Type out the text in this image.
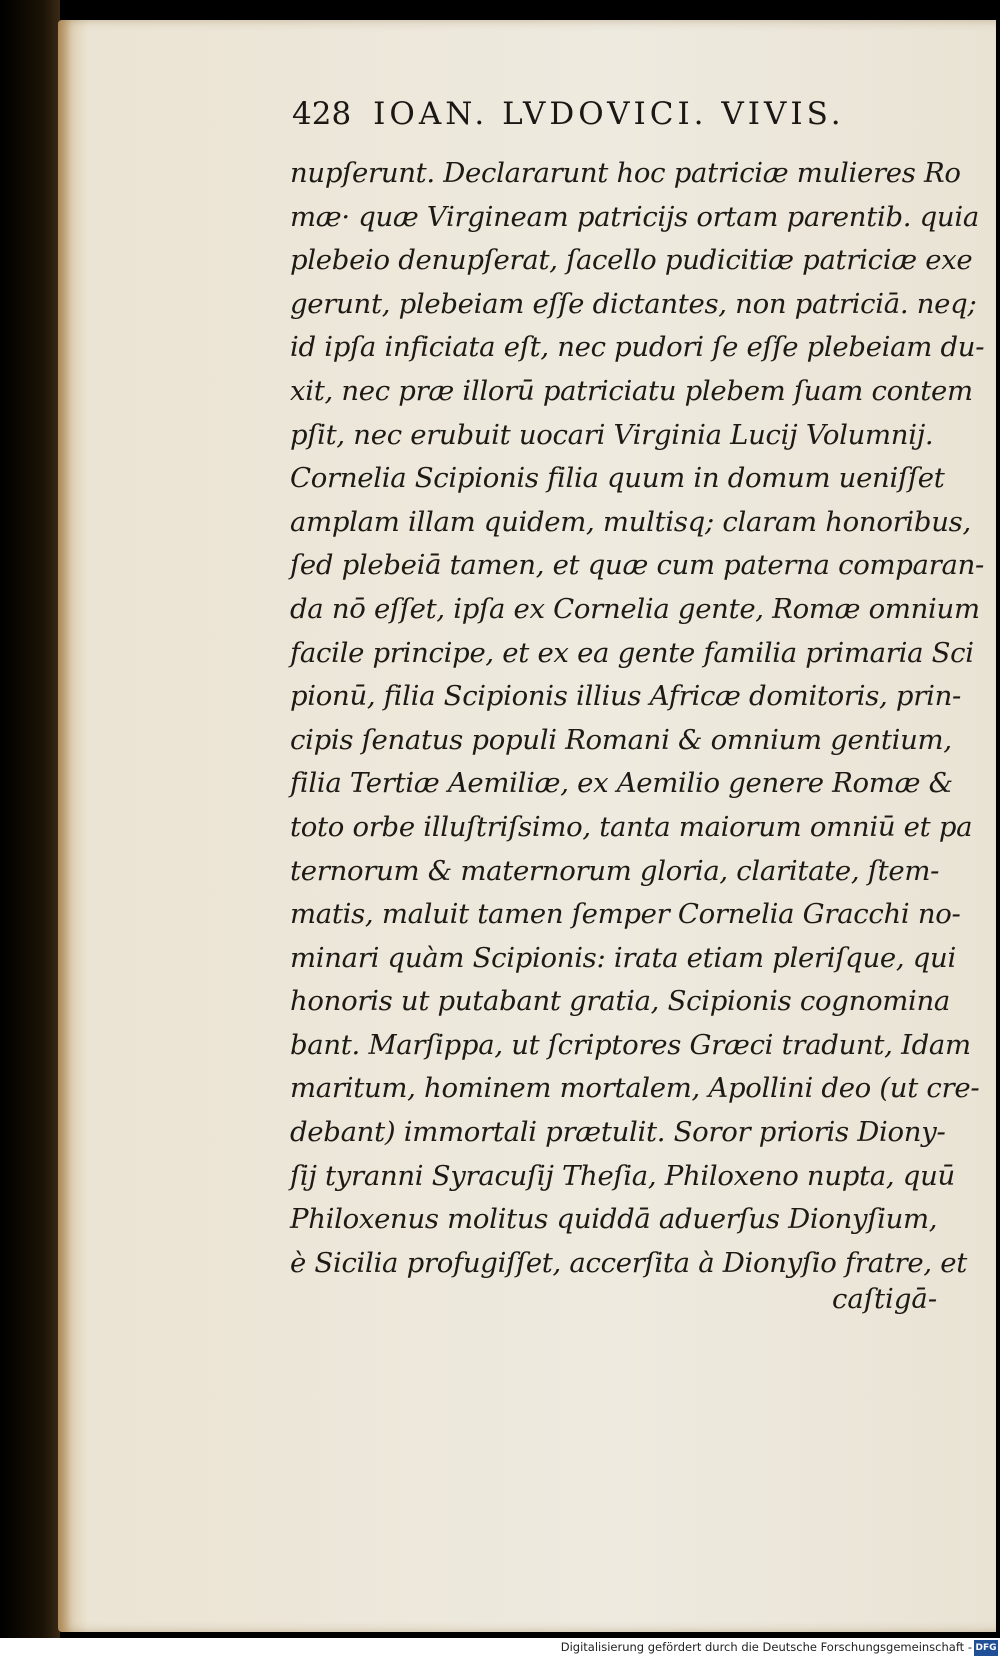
428 IOAN. LVDOVICI. VIVIS.
nupſerunt. Declararunt hoc patriciæ mulieres Ro
mæ· quæ Virgineam patricijs ortam parentib. quia
plebeio denupſerat, ſacello pudicitiæ patriciæ exe
gerunt, plebeiam eſſe dictantes, non patriciā. neq;
id ipſa inficiata eſt, nec pudori ſe eſſe plebeiam du-
xit, nec præ illorū patriciatu plebem ſuam contem
pſit, nec erubuit uocari Virginia Lucij Volumnij.
Cornelia Scipionis filia quum in domum ueniſſet
amplam illam quidem, multisq; claram honoribus,
ſed plebeiā tamen, et quæ cum paterna comparan-
da nō eſſet, ipſa ex Cornelia gente, Romæ omnium
facile principe, et ex ea gente familia primaria Sci
pionū, filia Scipionis illius Africæ domitoris, prin-
cipis ſenatus populi Romani & omnium gentium,
filia Tertiæ Aemiliæ, ex Aemilio genere Romæ &
toto orbe illuſtriſsimo, tanta maiorum omniū et pa
ternorum & maternorum gloria, claritate, ſtem-
matis, maluit tamen ſemper Cornelia Gracchi no-
minari quàm Scipionis: irata etiam pleriſque, qui
honoris ut putabant gratia, Scipionis cognomina
bant. Marſippa, ut ſcriptores Græci tradunt, Idam
maritum, hominem mortalem, Apollini deo (ut cre-
debant) immortali prætulit. Soror prioris Diony-
ſij tyranni Syracuſij Theſia, Philoxeno nupta, quū
Philoxenus molitus quiddā aduerſus Dionyſium,
è Sicilia profugiſſet, accerſita à Dionyſio fratre, et
caſtigā-
Digitalisierung gefördert durch die Deutsche Forschungsgemeinschaft - DFG
